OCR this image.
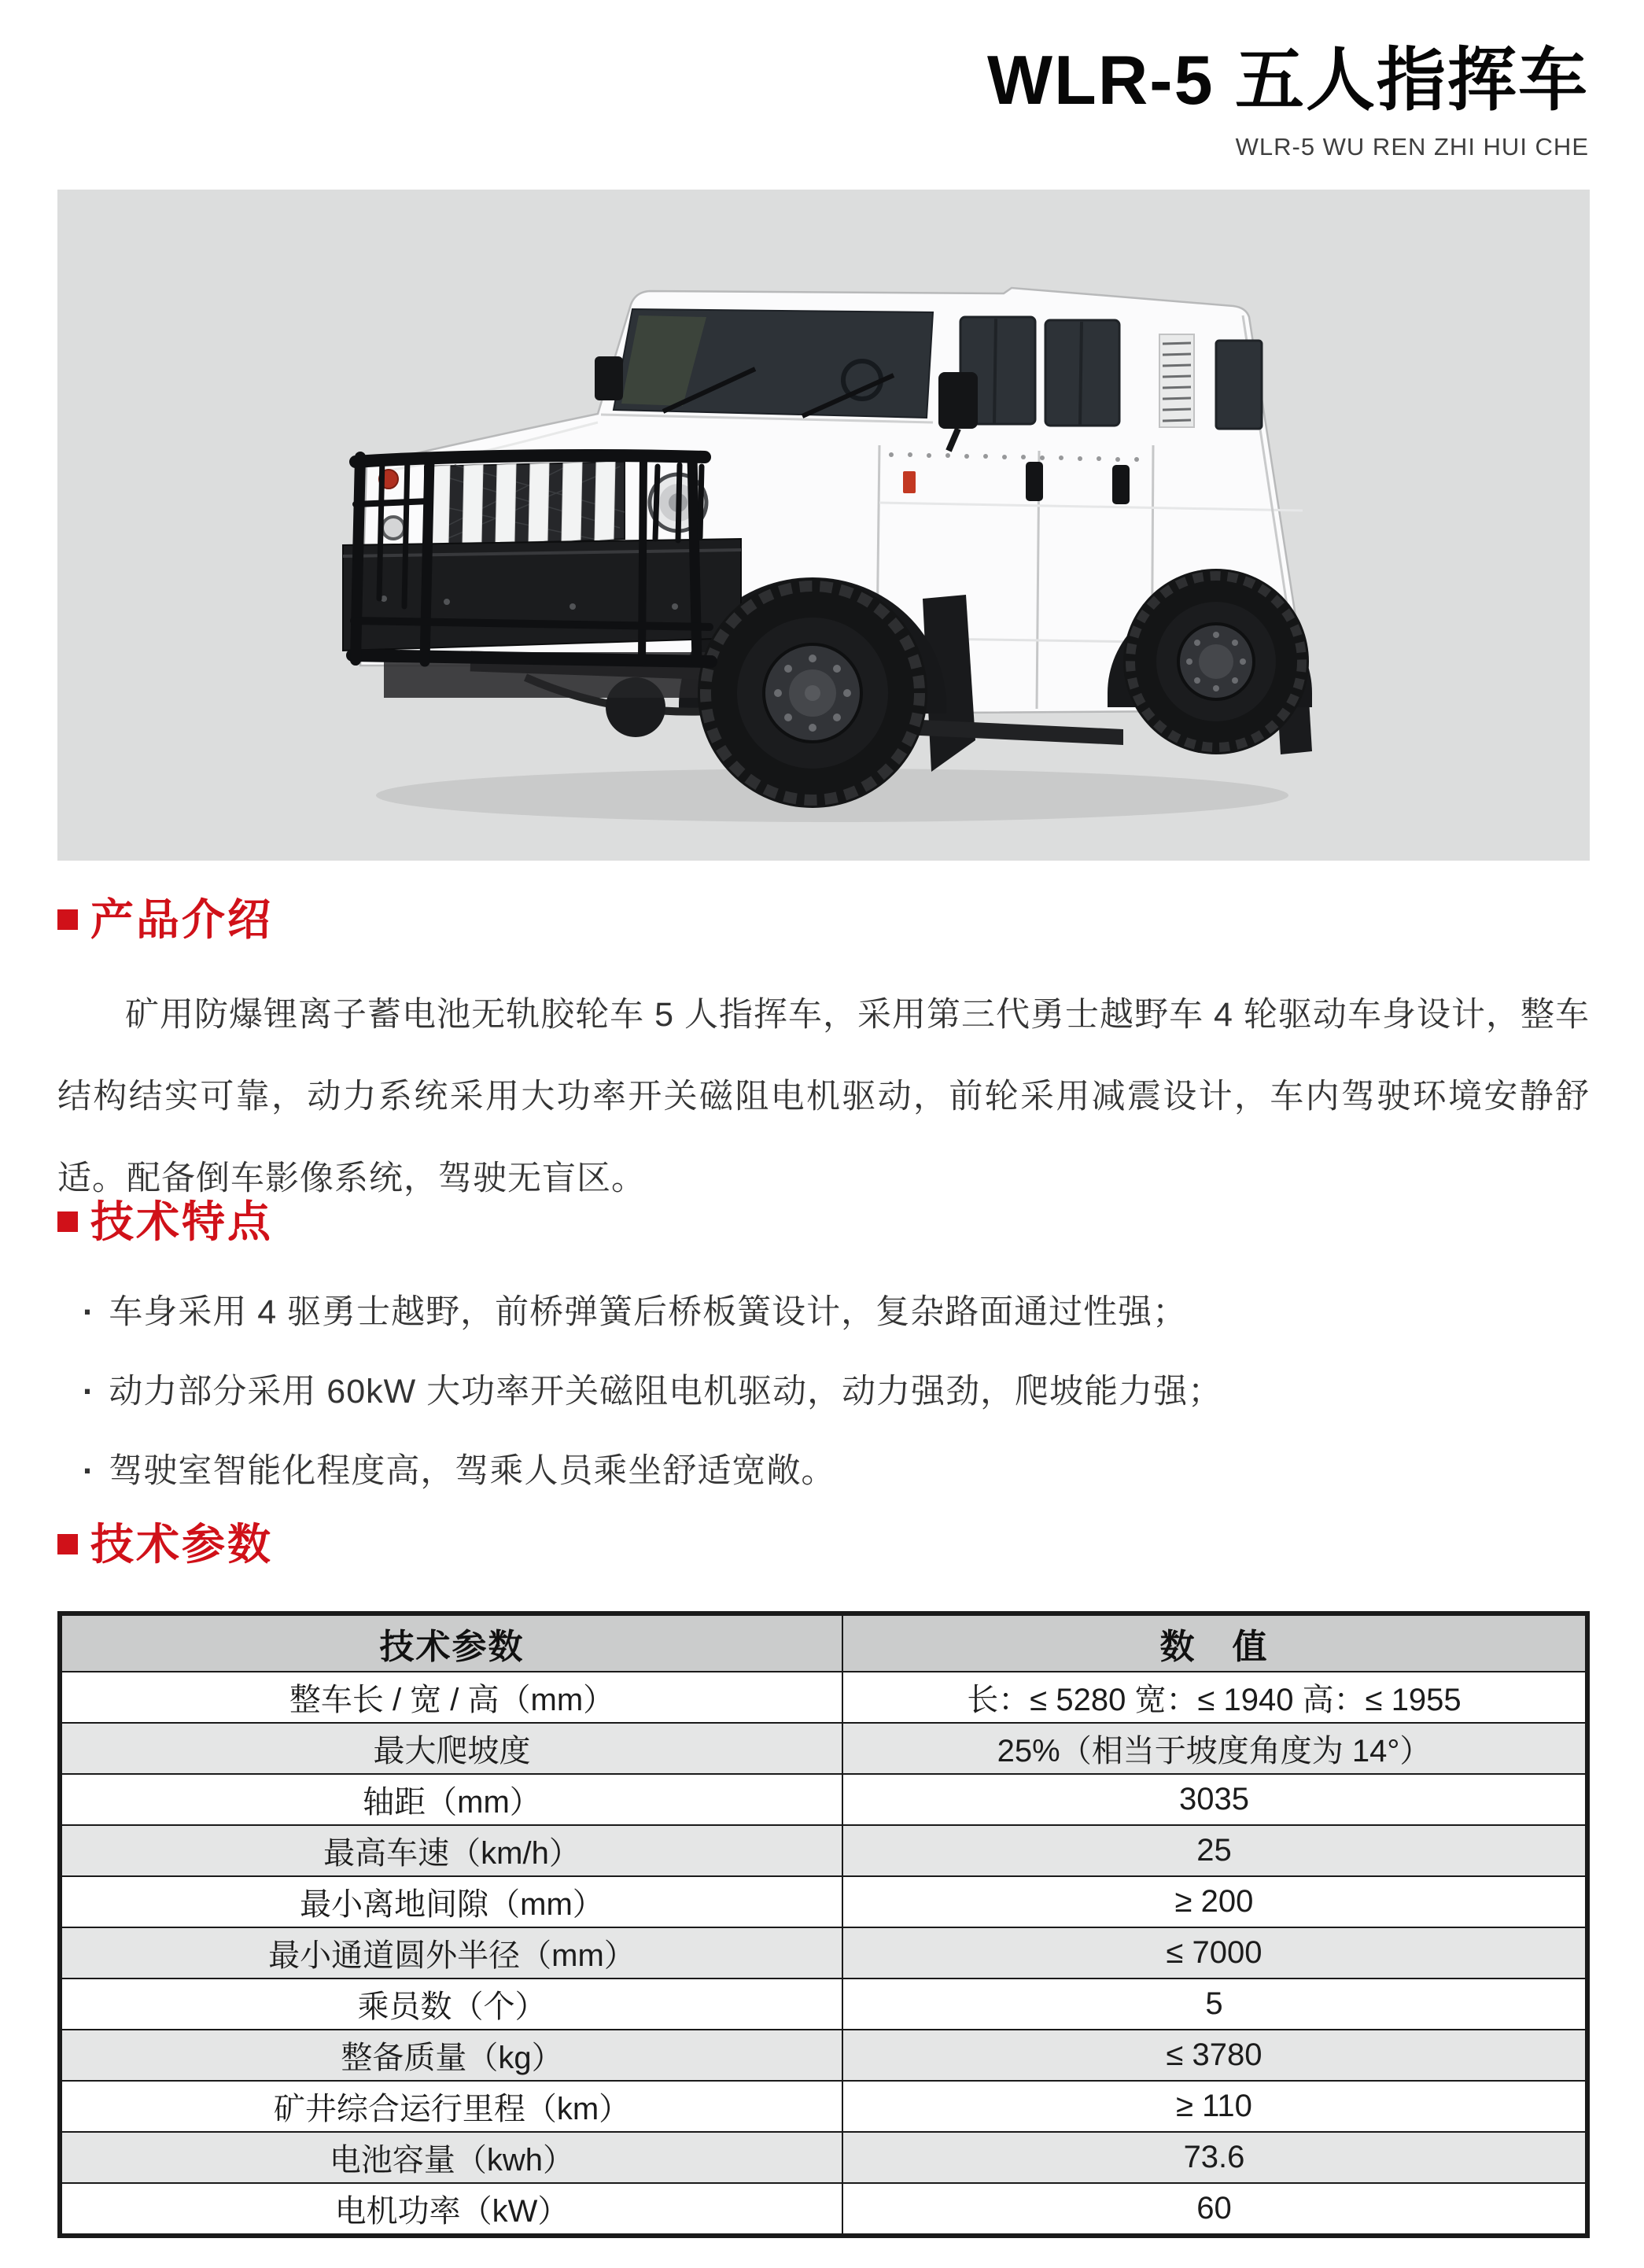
WLR-5 五人指挥车
WLR-5 WU REN ZHI HUI CHE
产品介绍

矿用防爆锂离子蓄电池无轨胶轮车 5 人指挥车，采用第三代勇士越野车 4 轮驱动车身设计，整车结构结实可靠，动力系统采用大功率开关磁阻电机驱动，前轮采用减震设计，车内驾驶环境安静舒适。配备倒车影像系统，驾驶无盲区。

技术特点
· 车身采用 4 驱勇士越野，前桥弹簧后桥板簧设计，复杂路面通过性强；
· 动力部分采用 60kW 大功率开关磁阻电机驱动，动力强劲，爬坡能力强；
· 驾驶室智能化程度高，驾乘人员乘坐舒适宽敞。
技术参数
技术参数	数　值
整车长 / 宽 / 高（mm）	长：≤ 5280 宽：≤ 1940 高：≤ 1955
最大爬坡度	25%（相当于坡度角度为 14°）
轴距（mm）	3035
最高车速（km/h）	25
最小离地间隙（mm）	≥ 200
最小通道圆外半径（mm）	≤ 7000
乘员数（个）	5
整备质量（kg）	≤ 3780
矿井综合运行里程（km）	≥ 110
电池容量（kwh）	73.6
电机功率（kW）	60
